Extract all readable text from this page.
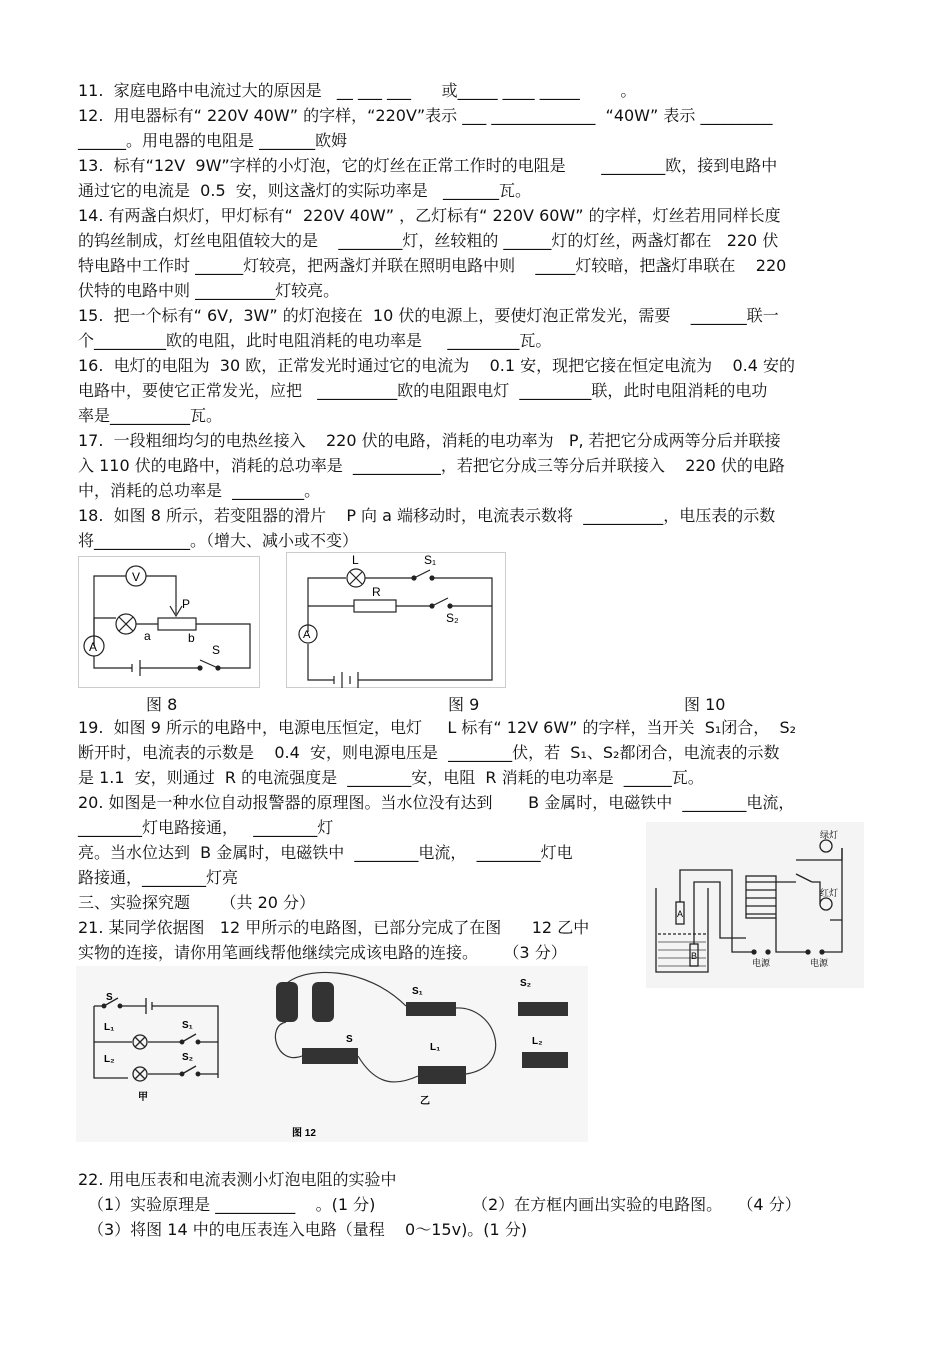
11.  家庭电路中电流过大的原因是   __ ___ ___      或_____ ____ _____        。
12.  用电器标有“ 220V 40W” 的字样，“220V”表示 ___ _____________  “40W” 表示 _________
______。用电器的电阻是 _______欧姆
13.  标有“12V  9W”字样的小灯泡，它的灯丝在正常工作时的电阻是       ________欧，接到电路中
通过它的电流是  0.5  安，则这盏灯的实际功率是   _______瓦。
14. 有两盏白炽灯，甲灯标有“  220V 40W” ，乙灯标有“ 220V 60W” 的字样，灯丝若用同样长度
的钨丝制成，灯丝电阻值较大的是    ________灯，丝较粗的 ______灯的灯丝，两盏灯都在   220 伏
特电路中工作时 ______灯较亮，把两盏灯并联在照明电路中则    _____灯较暗，把盏灯串联在    220
伏特的电路中则 __________灯较亮。
15.  把一个标有“ 6V,  3W” 的灯泡接在  10 伏的电源上，要使灯泡正常发光，需要    _______联一
个_________欧的电阻，此时电阻消耗的电功率是     _________瓦。
16.  电灯的电阻为  30 欧，正常发光时通过它的电流为    0.1 安，现把它接在恒定电流为    0.4 安的
电路中，要使它正常发光，应把   __________欧的电阻跟电灯  _________联，此时电阻消耗的电功
率是__________瓦。
17.  一段粗细均匀的电热丝接入    220 伏的电路，消耗的电功率为   P, 若把它分成两等分后并联接
入 110 伏的电路中，消耗的总功率是  ___________，若把它分成三等分后并联接入    220 伏的电路
中，消耗的总功率是  _________。
18.  如图 8 所示，若变阻器的滑片    P 向 a 端移动时，电流表示数将  __________，电压表的示数
将____________。（增大、减小或不变）
V
P
a	b
S
A
L	S₁
R
S₂
A
图 8	图 9	图 10
19.  如图 9 所示的电路中，电源电压恒定，电灯     L 标有“ 12V 6W” 的字样，当开关  S₁闭合，  S₂
断开时，电流表的示数是    0.4  安，则电源电压是  ________伏，若  S₁、S₂都闭合，电流表的示数
是 1.1  安，则通过  R 的电流强度是  ________安，电阻  R 消耗的电功率是  ______瓦。
20. 如图是一种水位自动报警器的原理图。当水位没有达到       B 金属时，电磁铁中  ________电流，
________灯电路接通，   ________灯
亮。当水位达到  B 金属时，电磁铁中  ________电流，  ________灯电
路接通，________灯亮
三、实验探究题      （共 20 分）
21. 某同学依据图   12 甲所示的电路图，已部分完成了在图      12 乙中
实物的连接，请你用笔画线帮他继续完成该电路的连接。     （3 分）
绿灯
红灯
电源	电源
A
B
S
L₁	S₁
L₂	S₂
甲
S₁
S₂
S
L₁
L₂
乙
图 12
22. 用电压表和电流表测小灯泡电阻的实验中
（1）实验原理是 __________    。(1 分)                   （2）在方框内画出实验的电路图。   （4 分）
（3）将图 14 中的电压表连入电路（量程    0～15v)。(1 分)
